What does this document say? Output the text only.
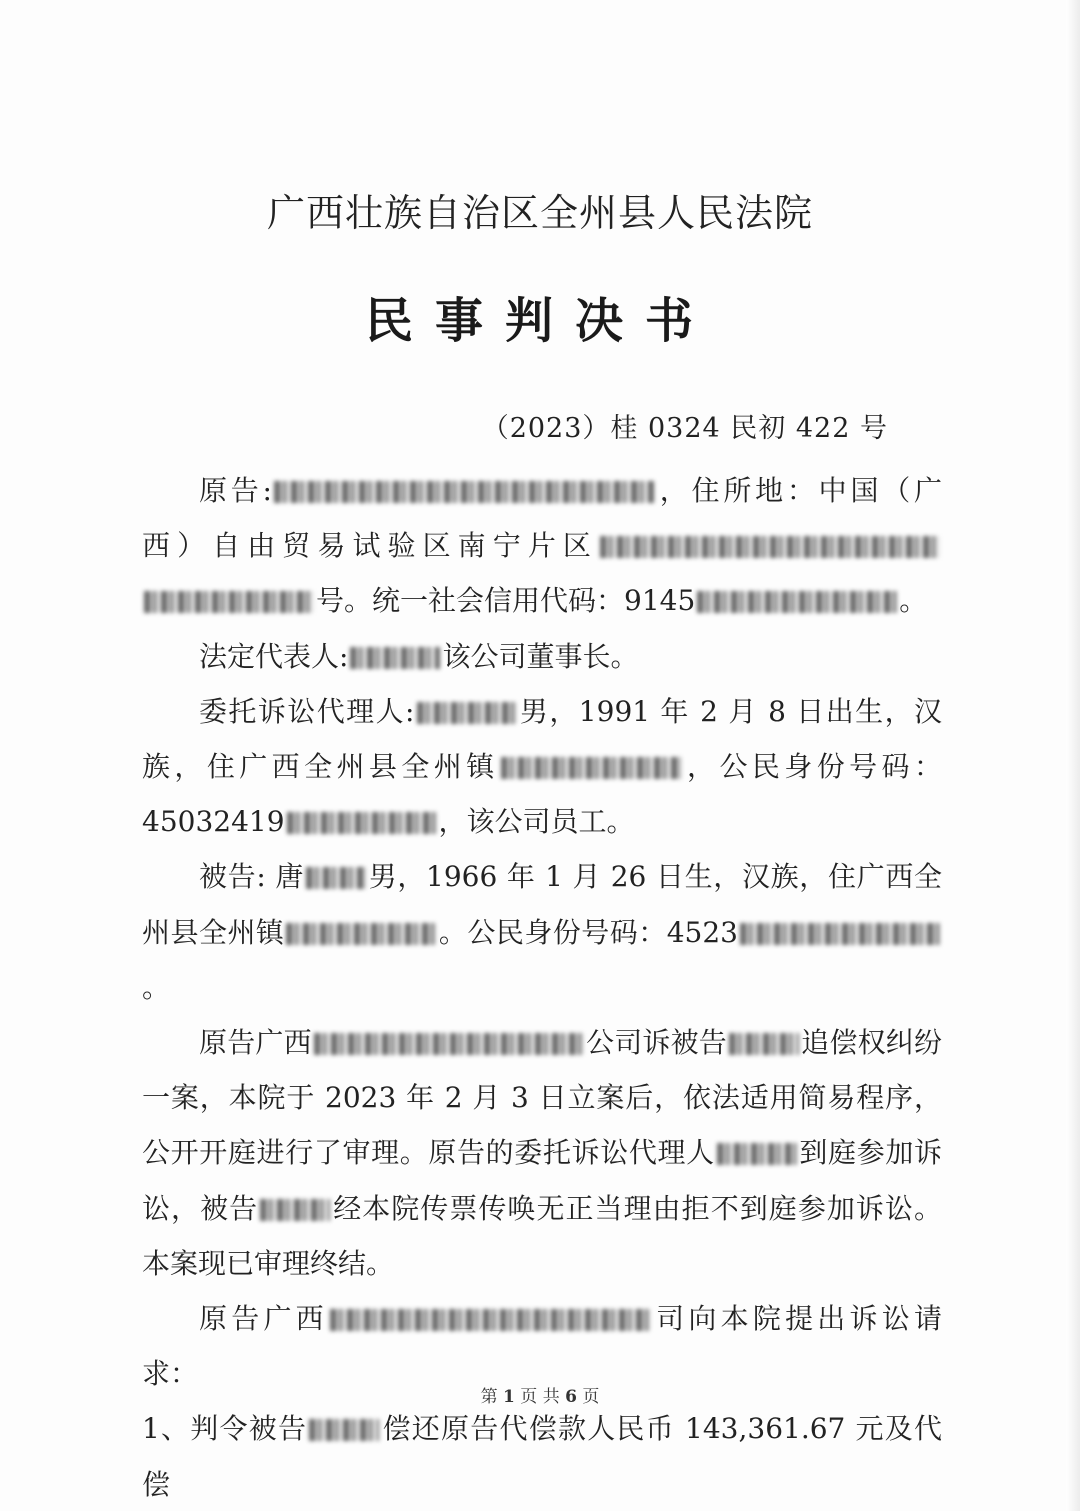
广西壮族自治区全州县人民法院
民事判决书
（2023）桂 0324 民初 422 号

原告:	，住所地：中国（广西）自由贸易试验区南宁片区号。统一社会信用代码：9145	。

法定代表人:	该公司董事长。

委托诉讼代理人:	男，1991 年 2 月 8 日出生，汉族，住广西全州县全州镇	，公民身份号码：45032419	，该公司员工。

被告: 唐 男，1966 年 1 月 26 日生，汉族，住广西全州县全州镇	。公民身份号码：4523。

原告广西	公司诉被告	追偿权纠纷一案，本院于 2023 年 2 月 3 日立案后，依法适用简易程序，公开开庭进行了审理。原告的委托诉讼代理人	到庭参加诉讼，被告	经本院传票传唤无正当理由拒不到庭参加诉讼。本案现已审理终结。

原告广西	司向本院提出诉讼请求：

1、判令被告	偿还原告代偿款人民币 143,361.67 元及代偿

第 1 页 共 6 页
